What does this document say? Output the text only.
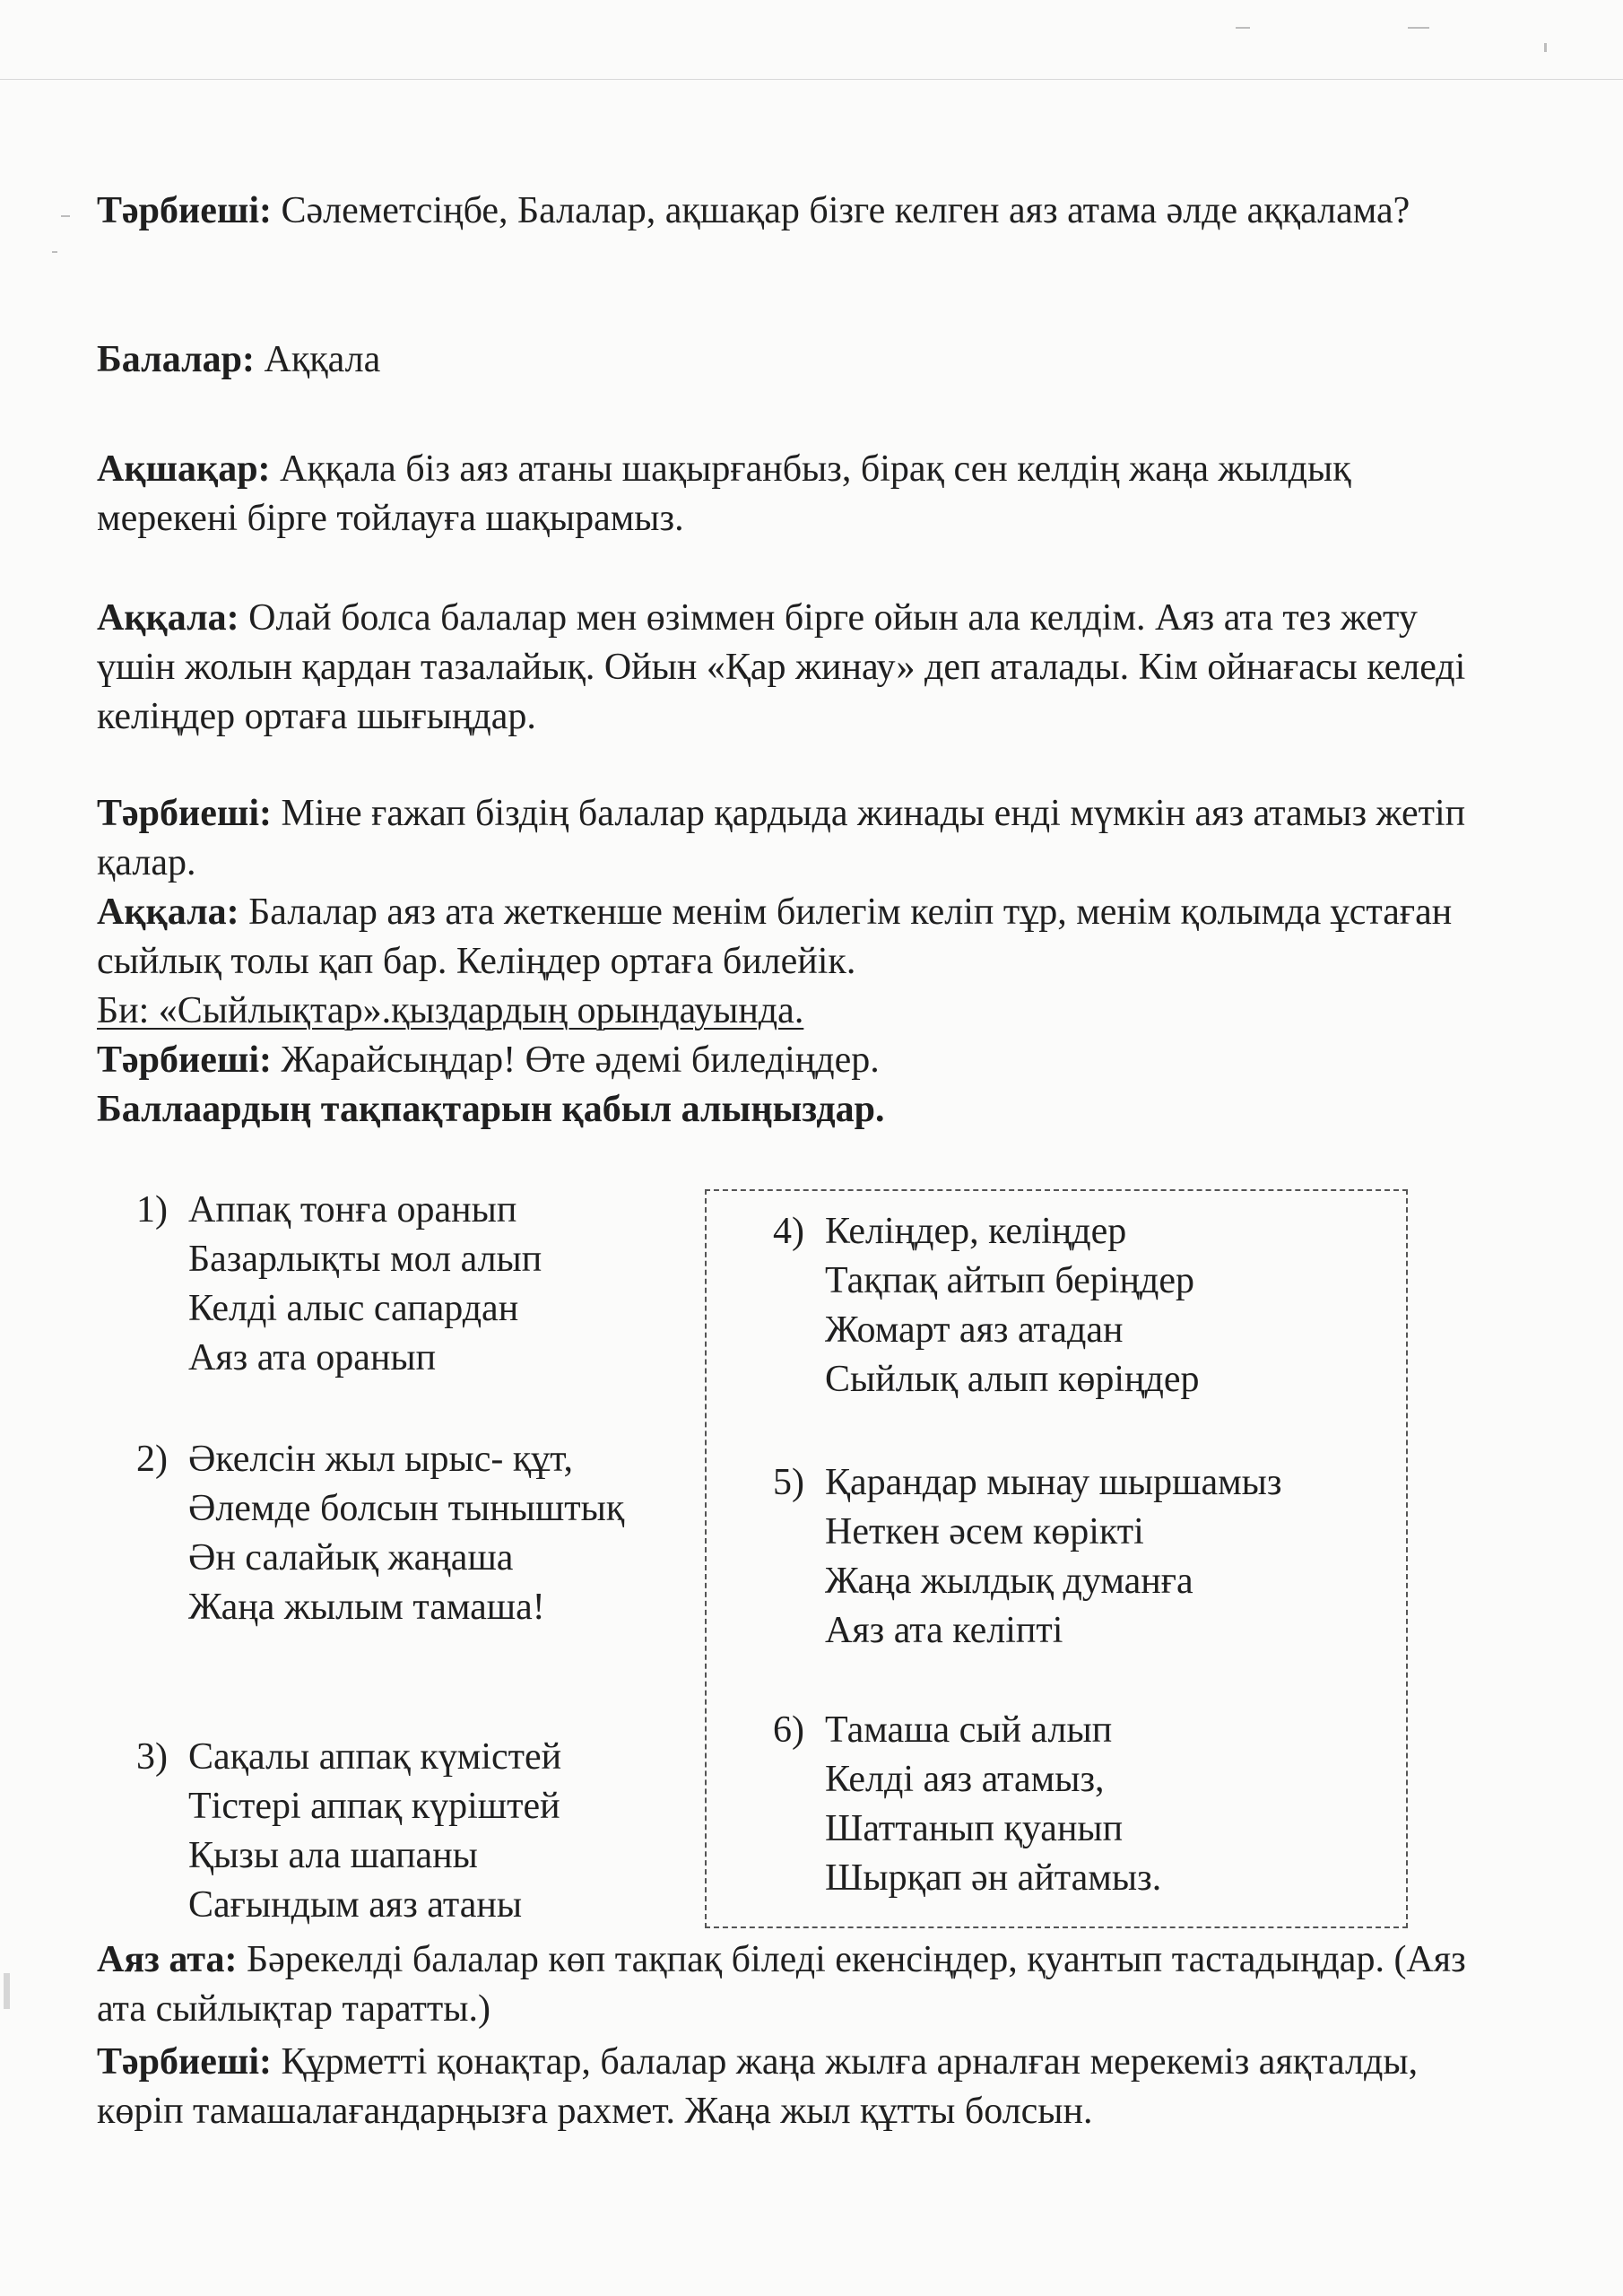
Тәрбиеші: Сәлеметсіңбе, Балалар, ақшақар бізге келген аяз атама әлде аққалама?

Балалар: Аққала

Ақшақар: Аққала біз аяз атаны шақырғанбыз, бірақ сен келдің жаңа жылдық мерекені бірге тойлауға шақырамыз.

Аққала: Олай болса балалар мен өзіммен бірге ойын ала келдім. Аяз ата тез жету үшін жолын қардан тазалайық. Ойын «Қар жинау» деп аталады. Кім ойнағасы келеді келіңдер ортаға шығыңдар.

Тәрбиеші: Міне ғажап біздің балалар қардыда жинады енді мүмкін аяз атамыз жетіп қалар.

Аққала: Балалар аяз ата жеткенше менім билегім келіп тұр, менім қолымда ұстаған сыйлық толы қап бар. Келіңдер ортаға билейік.
Би: «Сыйлықтар».қыздардың орындауында.
Тәрбиеші: Жарайсыңдар! Өте әдемі биледіңдер.
Баллаардың тақпақтарын қабыл алыңыздар.

1) Аппақ тонға оранып
Базарлықты мол алып
Келді алыс сапардан
Аяз ата оранып
2) Әкелсін жыл ырыс- құт,
Әлемде болсын тыныштық
Ән салайық жаңаша
Жаңа жылым тамаша!
3) Сақалы аппақ күмістей
Тістері аппақ күріштей
Қызы ала шапаны
Сағындым аяз атаны
4) Келіңдер, келіңдер
Тақпақ айтып беріңдер
Жомарт аяз атадан
Сыйлық алып көріңдер
5) Қарандар мынау шыршамыз
Неткен әсем көрікті
Жаңа жылдық думанға
Аяз ата келіпті
6) Тамаша сый алып
Келді аяз атамыз,
Шаттанып қуанып
Шырқап ән айтамыз.

Аяз ата: Бәрекелді балалар көп тақпақ біледі екенсіңдер, қуантып тастадыңдар. (Аяз ата сыйлықтар таратты.)

Тәрбиеші: Құрметті қонақтар, балалар жаңа жылға арналған мерекеміз аяқталды, көріп тамашалағандарңызға рахмет. Жаңа жыл құтты болсын.
